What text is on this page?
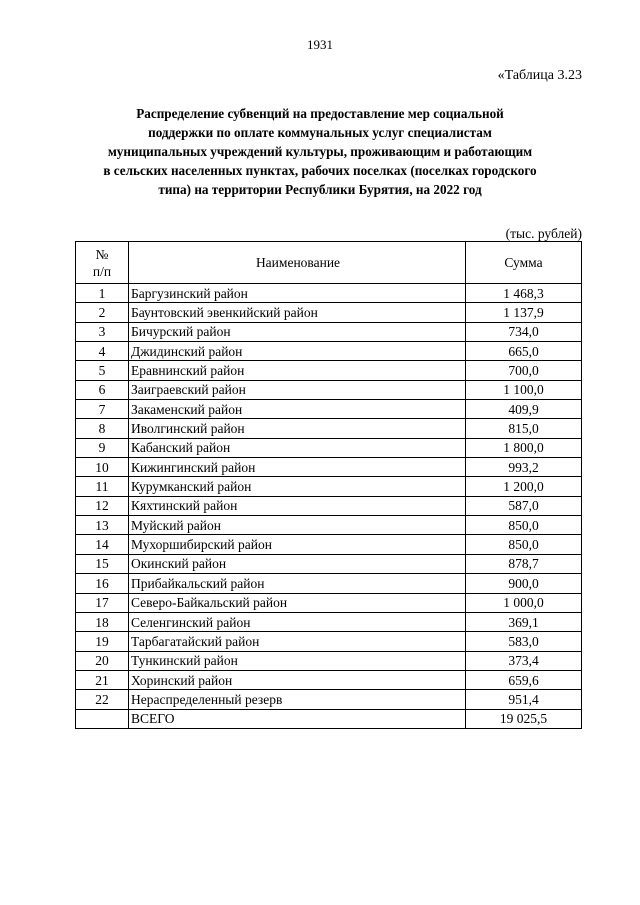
1931
«Таблица 3.23
Распределение субвенций на предоставление мер социальной
поддержки по оплате коммунальных услуг специалистам
муниципальных учреждений культуры, проживающим и работающим
в сельских населенных пунктах, рабочих поселках (поселках городского
типа) на территории Республики Бурятия, на 2022 год
(тыс. рублей)
№
п/п	Наименование	Сумма
1	Баргузинский район	1 468,3
2	Баунтовский эвенкийский район	1 137,9
3	Бичурский район	734,0
4	Джидинский район	665,0
5	Еравнинский район	700,0
6	Заиграевский район	1 100,0
7	Закаменский район	409,9
8	Иволгинский район	815,0
9	Кабанский район	1 800,0
10	Кижингинский район	993,2
11	Курумканский район	1 200,0
12	Кяхтинский район	587,0
13	Муйский район	850,0
14	Мухоршибирский район	850,0
15	Окинский район	878,7
16	Прибайкальский район	900,0
17	Северо-Байкальский район	1 000,0
18	Селенгинский район	369,1
19	Тарбагатайский район	583,0
20	Тункинский район	373,4
21	Хоринский район	659,6
22	Нераспределенный резерв	951,4
	ВСЕГО	19 025,5
